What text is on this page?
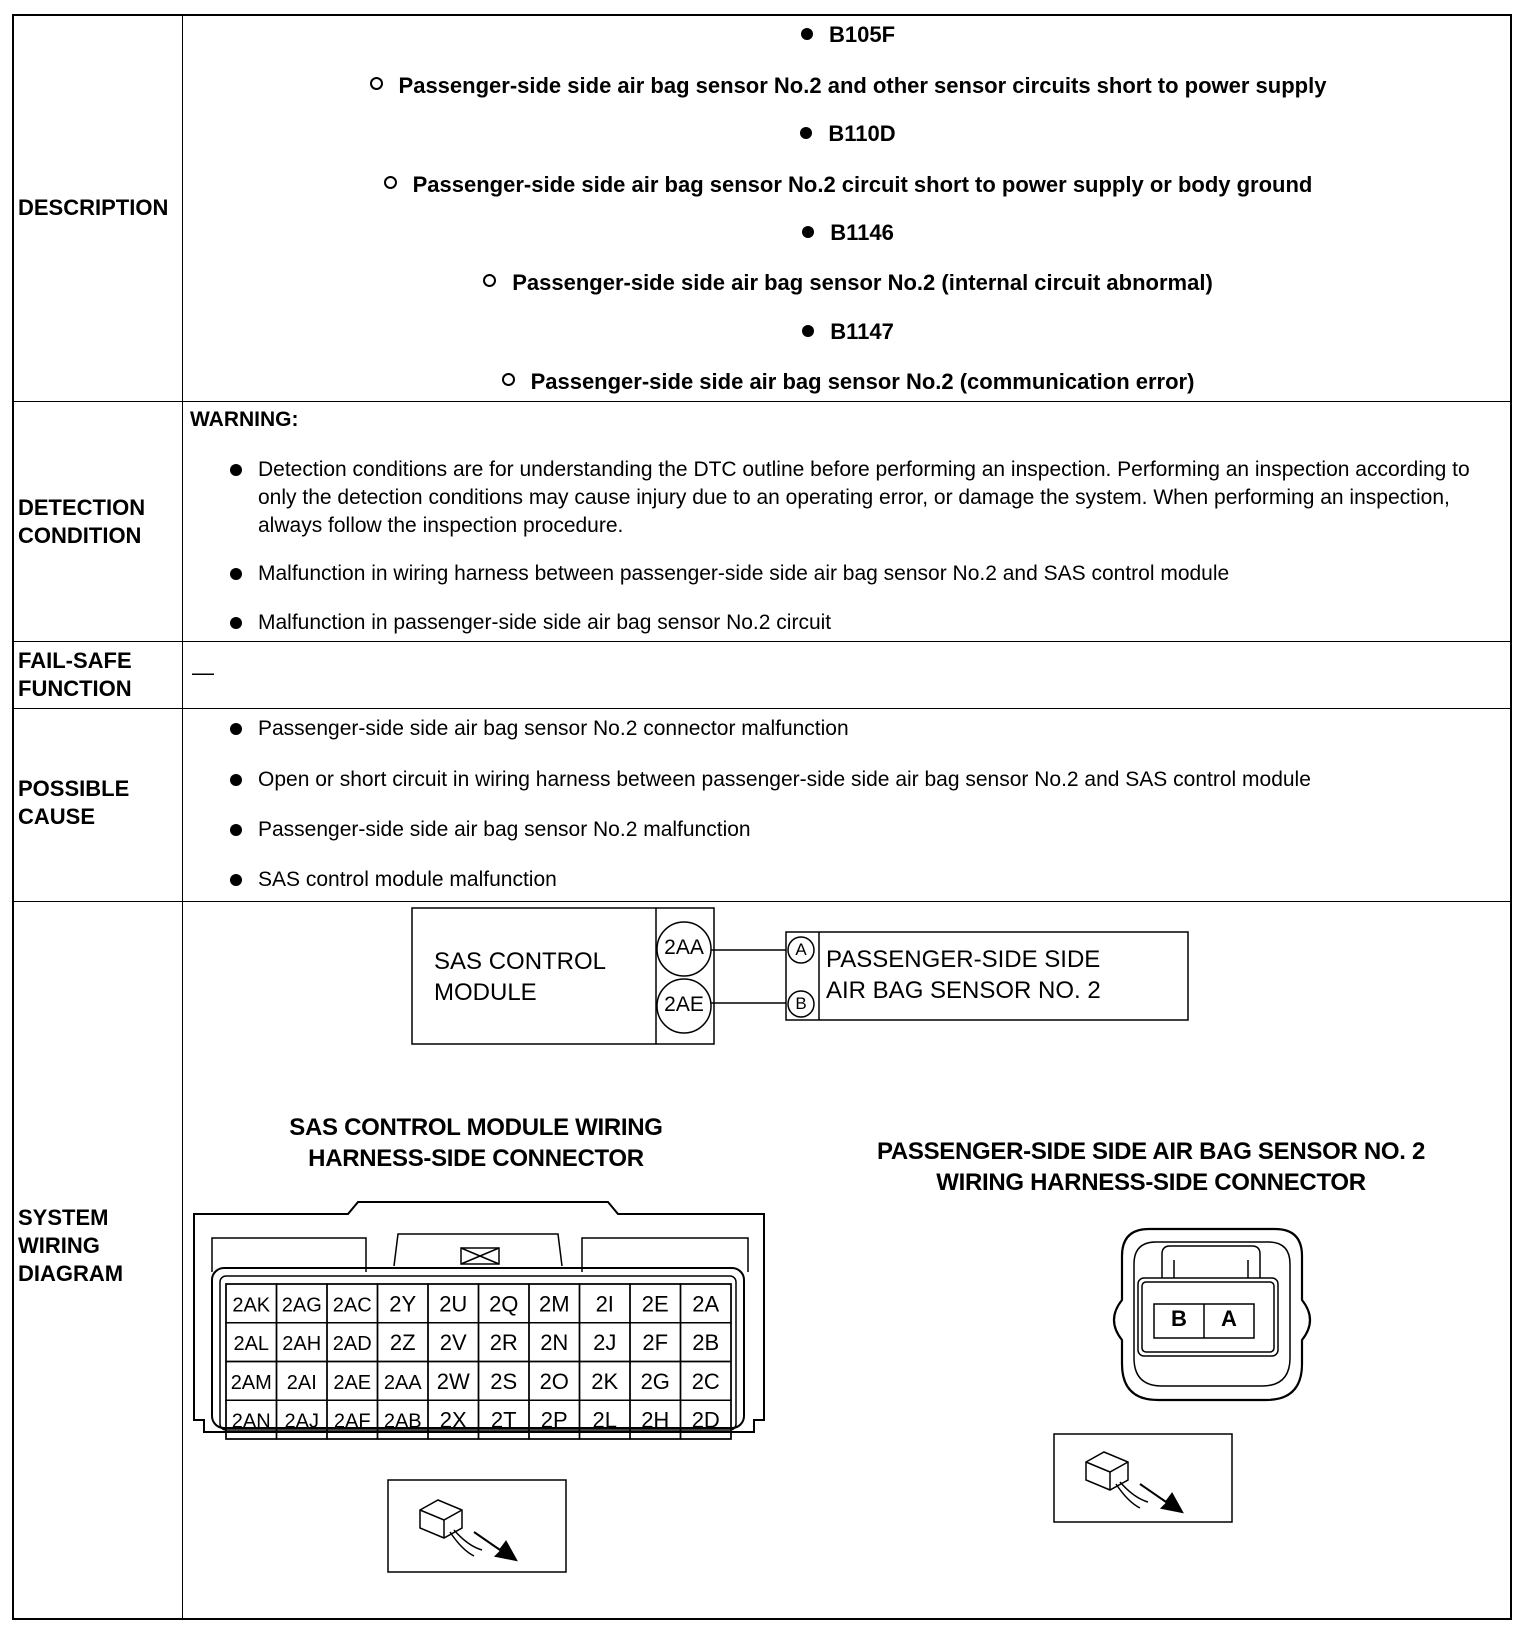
DESCRIPTION
B105F
Passenger-side side air bag sensor No.2 and other sensor circuits short to power supply
B110D
Passenger-side side air bag sensor No.2 circuit short to power supply or body ground
B1146
Passenger-side side air bag sensor No.2 (internal circuit abnormal)
B1147
Passenger-side side air bag sensor No.2 (communication error)
DETECTION
CONDITION
WARNING:
Detection conditions are for understanding the DTC outline before performing an inspection. Performing an inspection according to only the detection conditions may cause injury due to an operating error, or damage the system. When performing an inspection, always follow the inspection procedure.
Malfunction in wiring harness between passenger-side side air bag sensor No.2 and SAS control module
Malfunction in passenger-side side air bag sensor No.2 circuit
FAIL-SAFE
FUNCTION
—
POSSIBLE
CAUSE
Passenger-side side air bag sensor No.2 connector malfunction
Open or short circuit in wiring harness between passenger-side side air bag sensor No.2 and SAS control module
Passenger-side side air bag sensor No.2 malfunction
SAS control module malfunction
SYSTEM
WIRING
DIAGRAM
2AK 2AG 2AC 2Y 2U 2Q 2M 2I 2E 2A
2AL 2AH 2AD 2Z 2V 2R 2N 2J 2F 2B
2AM 2AI 2AE 2AA 2W 2S 2O 2K 2G 2C
2AN 2AJ 2AF 2AB 2X 2T 2P 2L 2H 2D
SAS CONTROL
MODULE
2AA
2AE
A
B
PASSENGER-SIDE SIDE
AIR BAG SENSOR NO. 2
SAS CONTROL MODULE WIRING
HARNESS-SIDE CONNECTOR	PASSENGER-SIDE SIDE AIR BAG SENSOR NO. 2
WIRING HARNESS-SIDE CONNECTOR
B	A
